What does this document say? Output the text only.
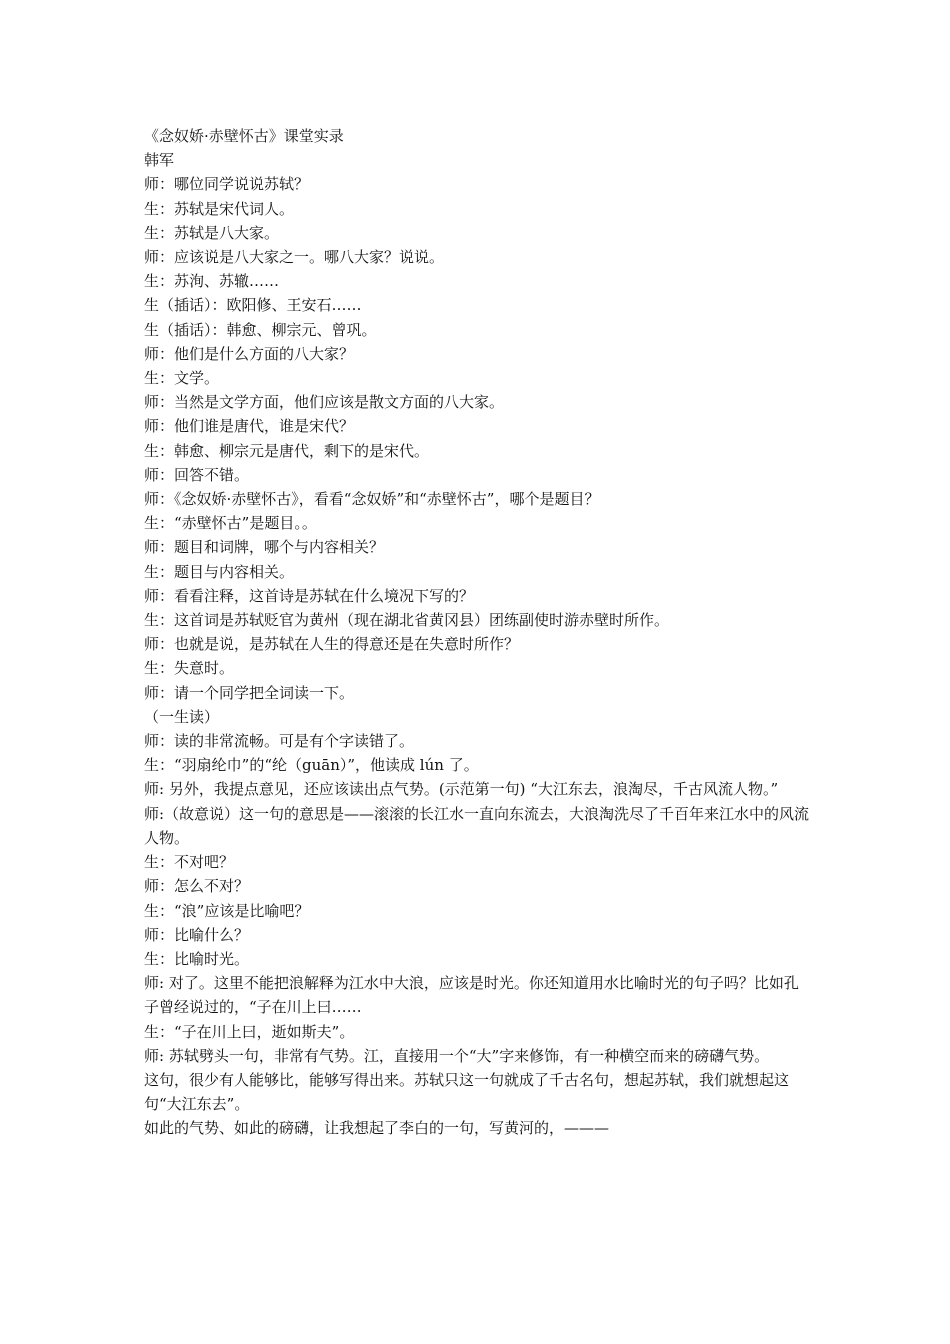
《念奴娇·赤壁怀古》课堂实录

韩军

师：哪位同学说说苏轼？

生：苏轼是宋代词人。

生：苏轼是八大家。

师：应该说是八大家之一。哪八大家？说说。

生：苏洵、苏辙……

生（插话）：欧阳修、王安石……

生（插话）：韩愈、柳宗元、曾巩。

师：他们是什么方面的八大家？

生：文学。

师：当然是文学方面，他们应该是散文方面的八大家。

师：他们谁是唐代，谁是宋代？

生：韩愈、柳宗元是唐代，剩下的是宋代。

师：回答不错。

师：《念奴娇·赤壁怀古》，看看“念奴娇”和“赤壁怀古”，哪个是题目？

生：“赤壁怀古”是题目。。

师：题目和词牌，哪个与内容相关？

生：题目与内容相关。

师：看看注释，这首诗是苏轼在什么境况下写的？

生：这首词是苏轼贬官为黄州（现在湖北省黄冈县）团练副使时游赤壁时所作。

师：也就是说，是苏轼在人生的得意还是在失意时所作？

生：失意时。

师：请一个同学把全词读一下。

（一生读）

师：读的非常流畅。可是有个字读错了。

生：“羽扇纶巾”的“纶（guān）”，他读成 lún 了。

师: 另外，我提点意见，还应该读出点气势。(示范第一句) “大江东去，浪淘尽，千古风流人物。”

师:（故意说）这一句的意思是——滚滚的长江水一直向东流去，大浪淘洗尽了千百年来江水中的风流人物。

生：不对吧？

师：怎么不对？

生：“浪”应该是比喻吧？

师：比喻什么？

生：比喻时光。

师: 对了。这里不能把浪解释为江水中大浪，应该是时光。你还知道用水比喻时光的句子吗？比如孔子曾经说过的，“子在川上曰……

生：“子在川上曰，逝如斯夫”。

师: 苏轼劈头一句，非常有气势。江，直接用一个“大”字来修饰，有一种横空而来的磅礴气势。

这句，很少有人能够比，能够写得出来。苏轼只这一句就成了千古名句，想起苏轼，我们就想起这句“大江东去”。

如此的气势、如此的磅礴，让我想起了李白的一句，写黄河的，———
